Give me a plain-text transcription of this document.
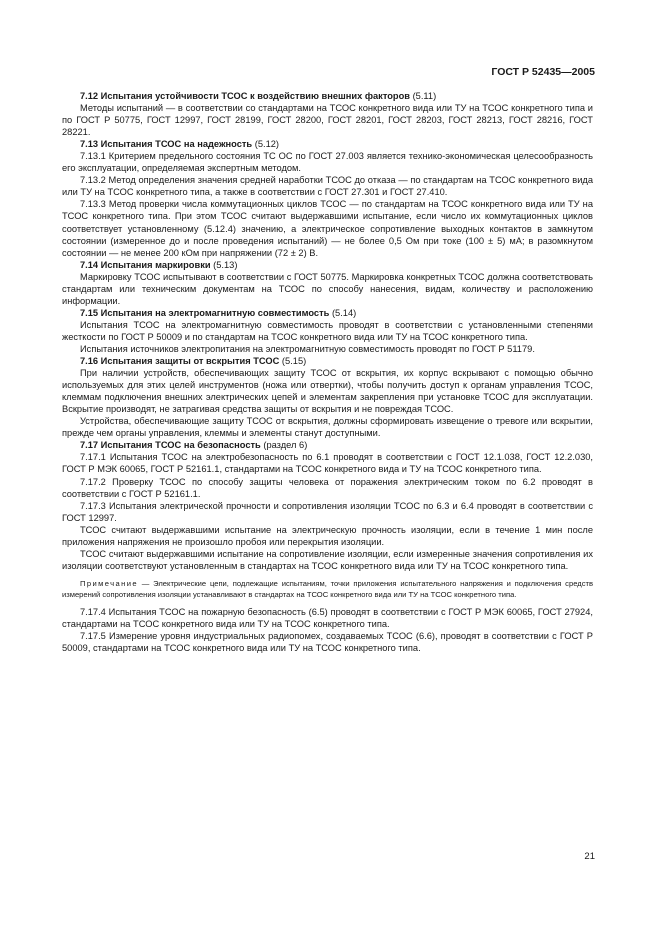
ГОСТ Р 52435—2005

7.12 Испытания устойчивости ТСОС к воздействию внешних факторов (5.11)

Методы испытаний — в соответствии со стандартами на ТСОС конкретного вида или ТУ на ТСОС конкретного типа и по ГОСТ Р 50775, ГОСТ 12997, ГОСТ 28199, ГОСТ 28200, ГОСТ 28201, ГОСТ 28203, ГОСТ 28213, ГОСТ 28216, ГОСТ 28221.

7.13 Испытания ТСОС на надежность (5.12)

7.13.1 Критерием предельного состояния ТС ОС по ГОСТ 27.003 является технико-экономическая целесообразность его эксплуатации, определяемая экспертным методом.

7.13.2 Метод определения значения средней наработки ТСОС до отказа — по стандартам на ТСОС конкретного вида или ТУ на ТСОС конкретного типа, а также в соответствии с ГОСТ 27.301 и ГОСТ 27.410.

7.13.3 Метод проверки числа коммутационных циклов ТСОС — по стандартам на ТСОС конкретного вида или ТУ на ТСОС конкретного типа. При этом ТСОС считают выдержавшими испытание, если число их коммутационных циклов соответствует установленному (5.12.4) значению, а электрическое сопротивление выходных контактов в замкнутом состоянии (измеренное до и после проведения испытаний) — не более 0,5 Ом при токе (100 ± 5) мА; в разомкнутом состоянии — не менее 200 кОм при напряжении (72 ± 2) В.

7.14 Испытания маркировки (5.13)

Маркировку ТСОС испытывают в соответствии с ГОСТ 50775. Маркировка конкретных ТСОС должна соответствовать стандартам или техническим документам на ТСОС по способу нанесения, видам, количеству и расположению информации.

7.15 Испытания на электромагнитную совместимость (5.14)

Испытания ТСОС на электромагнитную совместимость проводят в соответствии с установленными степенями жесткости по ГОСТ Р 50009 и по стандартам на ТСОС конкретного вида или ТУ на ТСОС конкретного типа.

Испытания источников электропитания на электромагнитную совместимость проводят по ГОСТ Р 51179.

7.16 Испытания защиты от вскрытия ТСОС (5.15)

При наличии устройств, обеспечивающих защиту ТСОС от вскрытия, их корпус вскрывают с помощью обычно используемых для этих целей инструментов (ножа или отвертки), чтобы получить доступ к органам управления ТСОС, клеммам подключения внешних электрических цепей и элементам закрепления при установке ТСОС для эксплуатации. Вскрытие производят, не затрагивая средства защиты от вскрытия и не повреждая ТСОС.

Устройства, обеспечивающие защиту ТСОС от вскрытия, должны сформировать извещение о тревоге или вскрытии, прежде чем органы управления, клеммы и элементы станут доступными.

7.17 Испытания ТСОС на безопасность (раздел 6)

7.17.1 Испытания ТСОС на электробезопасность по 6.1 проводят в соответствии с ГОСТ 12.1.038, ГОСТ 12.2.030, ГОСТ Р МЭК 60065, ГОСТ Р 52161.1, стандартами на ТСОС конкретного вида и ТУ на ТСОС конкретного типа.

7.17.2 Проверку ТСОС по способу защиты человека от поражения электрическим током по 6.2 проводят в соответствии с ГОСТ Р 52161.1.

7.17.3 Испытания электрической прочности и сопротивления изоляции ТСОС по 6.3 и 6.4 проводят в соответствии с ГОСТ 12997.

ТСОС считают выдержавшими испытание на электрическую прочность изоляции, если в течение 1 мин после приложения напряжения не произошло пробоя или перекрытия изоляции.

ТСОС считают выдержавшими испытание на сопротивление изоляции, если измеренные значения сопротивления их изоляции соответствуют установленным в стандартах на ТСОС конкретного вида или ТУ на ТСОС конкретного типа.

Примечание — Электрические цепи, подлежащие испытаниям, точки приложения испытательного напряжения и подключения средств измерений сопротивления изоляции устанавливают в стандартах на ТСОС конкретного вида или ТУ на ТСОС конкретного типа.

7.17.4 Испытания ТСОС на пожарную безопасность (6.5) проводят в соответствии с ГОСТ Р МЭК 60065, ГОСТ 27924, стандартами на ТСОС конкретного вида или ТУ на ТСОС конкретного типа.

7.17.5 Измерение уровня индустриальных радиопомех, создаваемых ТСОС (6.6), проводят в соответствии с ГОСТ Р 50009, стандартами на ТСОС конкретного вида или ТУ на ТСОС конкретного типа.

21
